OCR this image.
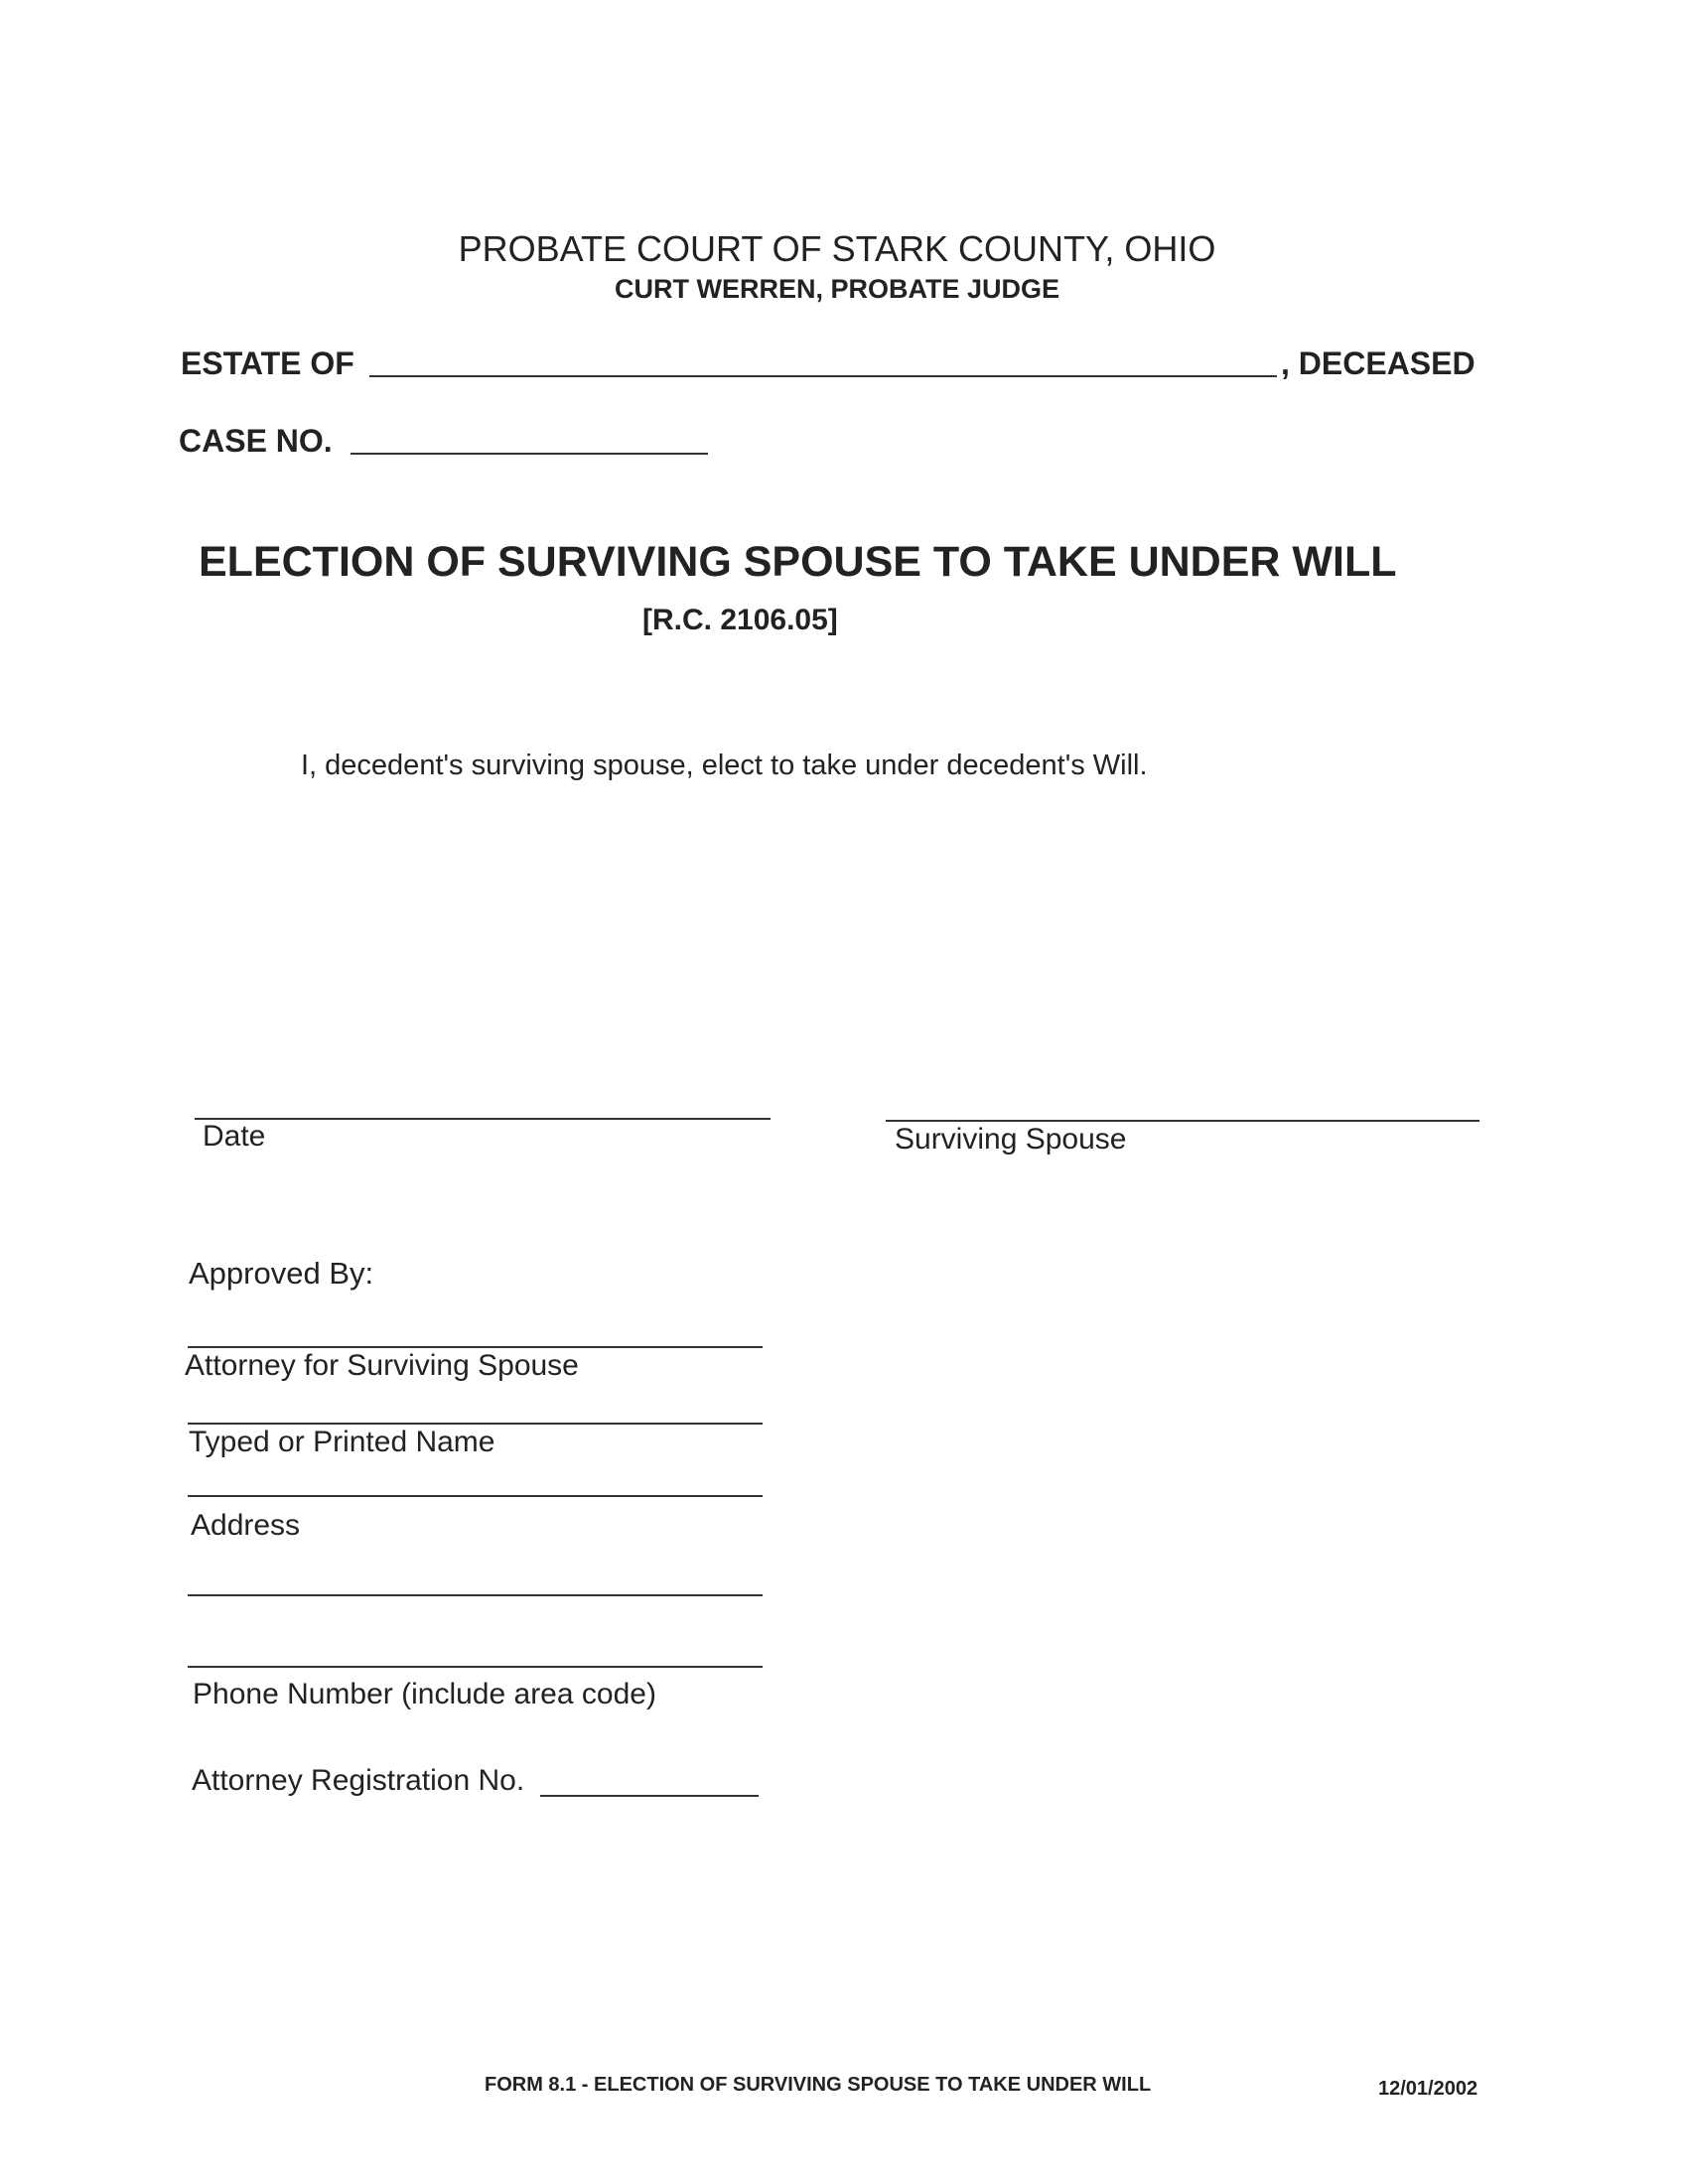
PROBATE COURT OF STARK COUNTY, OHIO
CURT WERREN, PROBATE JUDGE
ESTATE OF	, DECEASED
CASE NO.
ELECTION OF SURVIVING SPOUSE TO TAKE UNDER WILL
[R.C. 2106.05]
I, decedent's surviving spouse, elect to take under decedent's Will.
Date	Surviving Spouse
Approved By:
Attorney for Surviving Spouse
Typed or Printed Name
Address
Phone Number (include area code)
Attorney Registration No.
FORM 8.1 - ELECTION OF SURVIVING SPOUSE TO TAKE UNDER WILL	12/01/2002
